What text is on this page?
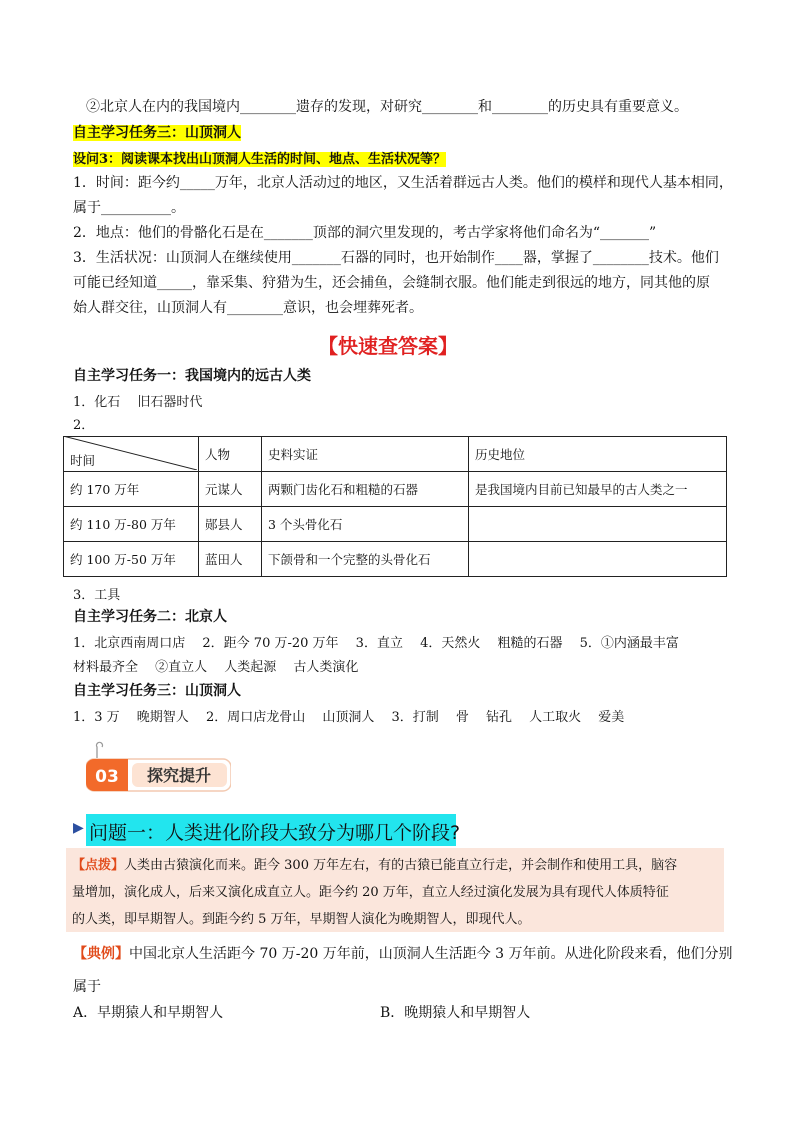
②北京人在内的我国境内________遗存的发现，对研究________和________的历史具有重要意义。
自主学习任务三：山顶洞人
设问3：阅读课本找出山顶洞人生活的时间、地点、生活状况等？
1．时间：距今约_____万年，北京人活动过的地区，又生活着群远古人类。他们的模样和现代人基本相同，
属于__________。
2．地点：他们的骨骼化石是在_______顶部的洞穴里发现的，考古学家将他们命名为“_______”
3．生活状况：山顶洞人在继续使用_______石器的同时，也开始制作____器，掌握了________技术。他们
可能已经知道_____，靠采集、狩猎为生，还会捕鱼，会缝制衣服。他们能走到很远的地方，同其他的原
始人群交往，山顶洞人有________意识，也会埋葬死者。
【快速查答案】
自主学习任务一：我国境内的远古人类
1．化石　 旧石器时代
2．
时间	人物	史料实证	历史地位
约 170 万年	元谋人	两颗门齿化石和粗糙的石器	是我国境内目前已知最早的古人类之一
约 110 万-80 万年	郧县人	3 个头骨化石	
约 100 万-50 万年	蓝田人	下颌骨和一个完整的头骨化石	
3．工具
自主学习任务二：北京人
1．北京西南周口店　 2．距今 70 万-20 万年　 3．直立　 4．天然火　 粗糙的石器　 5．①内涵最丰富
材料最齐全　 ②直立人　 人类起源　 古人类演化
自主学习任务三：山顶洞人
1．3 万　 晚期智人　 2．周口店龙骨山　 山顶洞人　 3．打制　 骨　 钻孔　 人工取火　 爱美
03 探究提升
▶ 问题一：人类进化阶段大致分为哪几个阶段?
【点拨】人类由古猿演化而来。距今 300 万年左右，有的古猿已能直立行走，并会制作和使用工具，脑容
量增加，演化成人，后来又演化成直立人。距今约 20 万年，直立人经过演化发展为具有现代人体质特征
的人类，即早期智人。到距今约 5 万年，早期智人演化为晚期智人，即现代人。
【典例】中国北京人生活距今 70 万-20 万年前，山顶洞人生活距今 3 万年前。从进化阶段来看，他们分别
属于
A．早期猿人和早期智人	B．晚期猿人和早期智人
